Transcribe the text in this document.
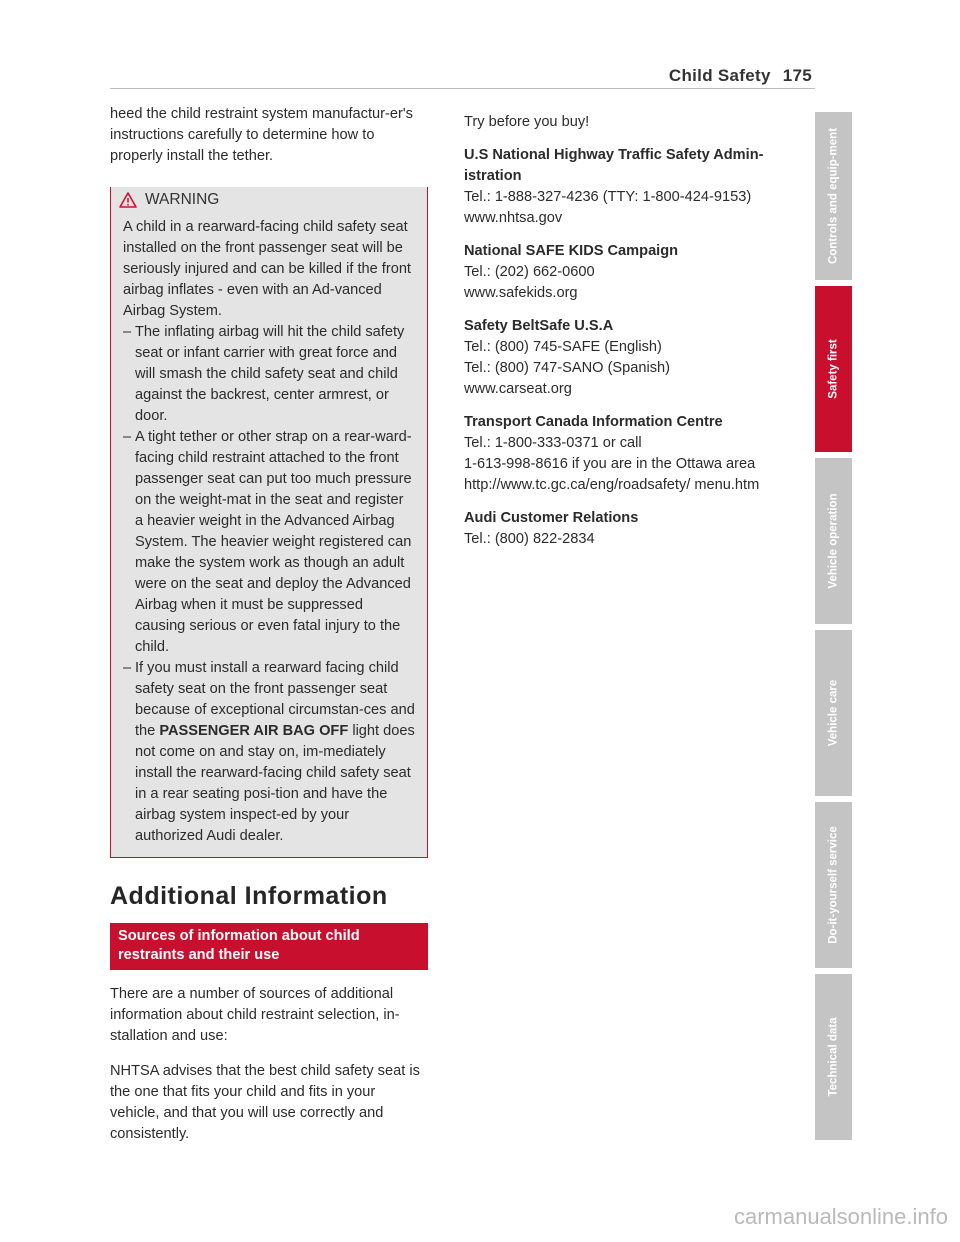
Child Safety 175

heed the child restraint system manufactur-er's instructions carefully to determine how to properly install the tether.

WARNING

A child in a rearward-facing child safety seat installed on the front passenger seat will be seriously injured and can be killed if the front airbag inflates - even with an Ad-vanced Airbag System.

– The inflating airbag will hit the child safety seat or infant carrier with great force and will smash the child safety seat and child against the backrest, center armrest, or door.
– A tight tether or other strap on a rear-ward-facing child restraint attached to the front passenger seat can put too much pressure on the weight-mat in the seat and register a heavier weight in the Advanced Airbag System. The heavier weight registered can make the system work as though an adult were on the seat and deploy the Advanced Airbag when it must be suppressed causing serious or even fatal injury to the child.
– If you must install a rearward facing child safety seat on the front passenger seat because of exceptional circumstan-ces and the PASSENGER AIR BAG OFF light does not come on and stay on, im-mediately install the rearward-facing child safety seat in a rear seating posi-tion and have the airbag system inspect-ed by your authorized Audi dealer.
Additional Information
Sources of information about child restraints and their use

There are a number of sources of additional information about child restraint selection, in-stallation and use:

NHTSA advises that the best child safety seat is the one that fits your child and fits in your vehicle, and that you will use correctly and consistently.

Try before you buy!

U.S National Highway Traffic Safety Admin-istration

Tel.: 1-888-327-4236 (TTY: 1-800-424-9153)

www.nhtsa.gov

National SAFE KIDS Campaign

Tel.: (202) 662-0600

www.safekids.org

Safety BeltSafe U.S.A

Tel.: (800) 745-SAFE (English)

Tel.: (800) 747-SANO (Spanish)

www.carseat.org

Transport Canada Information Centre

Tel.: 1-800-333-0371 or call

1-613-998-8616 if you are in the Ottawa area

http://www.tc.gc.ca/eng/roadsafety/ menu.htm

Audi Customer Relations

Tel.: (800) 822-2834

Controls and equip-ment
Safety first
Vehicle operation
Vehicle care
Do-it-yourself service
Technical data
carmanualsonline.info
